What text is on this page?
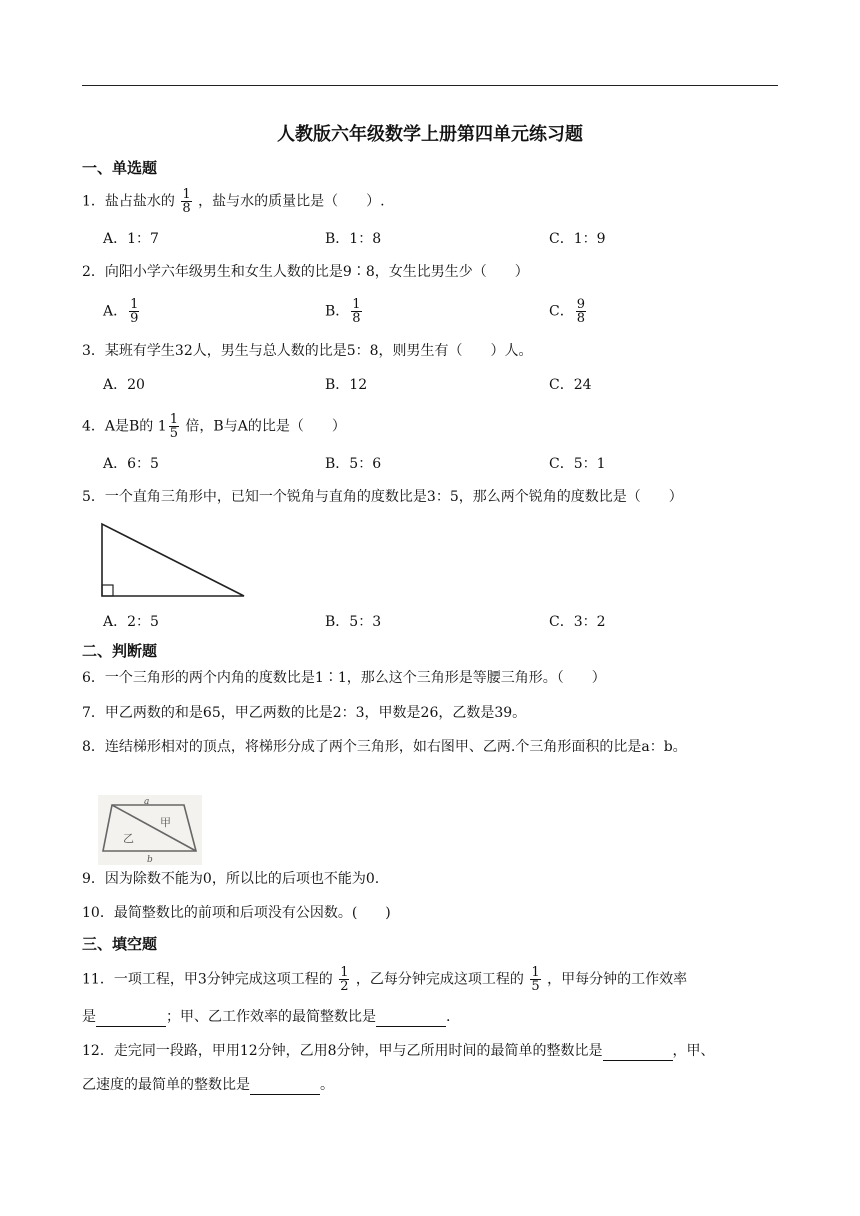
人教版六年级数学上册第四单元练习题
一、单选题
1．盐占盐水的 $\frac{1}{8}$ ，盐与水的质量比是（　　）.
A．1：7	B．1：8	C．1：9
2．向阳小学六年级男生和女生人数的比是9∶8，女生比男生少（　　）
A． $\frac{1}{9}$	B． $\frac{1}{8}$	C． $\frac{9}{8}$
3．某班有学生32人，男生与总人数的比是5：8，则男生有（　　）人。
A．20	B．12	C．24
4．A是B的 $1 \frac{1}{5}$ 倍，B与A的比是（　　）
A．6：5	B．5：6	C．5：1
5．一个直角三角形中，已知一个锐角与直角的度数比是3：5，那么两个锐角的度数比是（　　）
A．2：5	B．5：3	C．3：2
二、判断题
6．一个三角形的两个内角的度数比是1∶1，那么这个三角形是等腰三角形。（　　）
7．甲乙两数的和是65，甲乙两数的比是2：3，甲数是26，乙数是39。
8．连结梯形相对的顶点，将梯形分成了两个三角形，如右图甲、乙两.个三角形面积的比是a：b。
a
b
甲
乙
9．因为除数不能为0，所以比的后项也不能为0.
10．最简整数比的前项和后项没有公因数。(　　)
三、填空题
11．一项工程，甲3分钟完成这项工程的 $\frac{1}{2}$ ，乙每分钟完成这项工程的 $\frac{1}{5}$ ，甲每分钟的工作效率
是	；甲、乙工作效率的最简整数比是	.
12．走完同一段路，甲用12分钟，乙用8分钟，甲与乙所用时间的最简单的整数比是	，甲、
乙速度的最简单的整数比是	。
